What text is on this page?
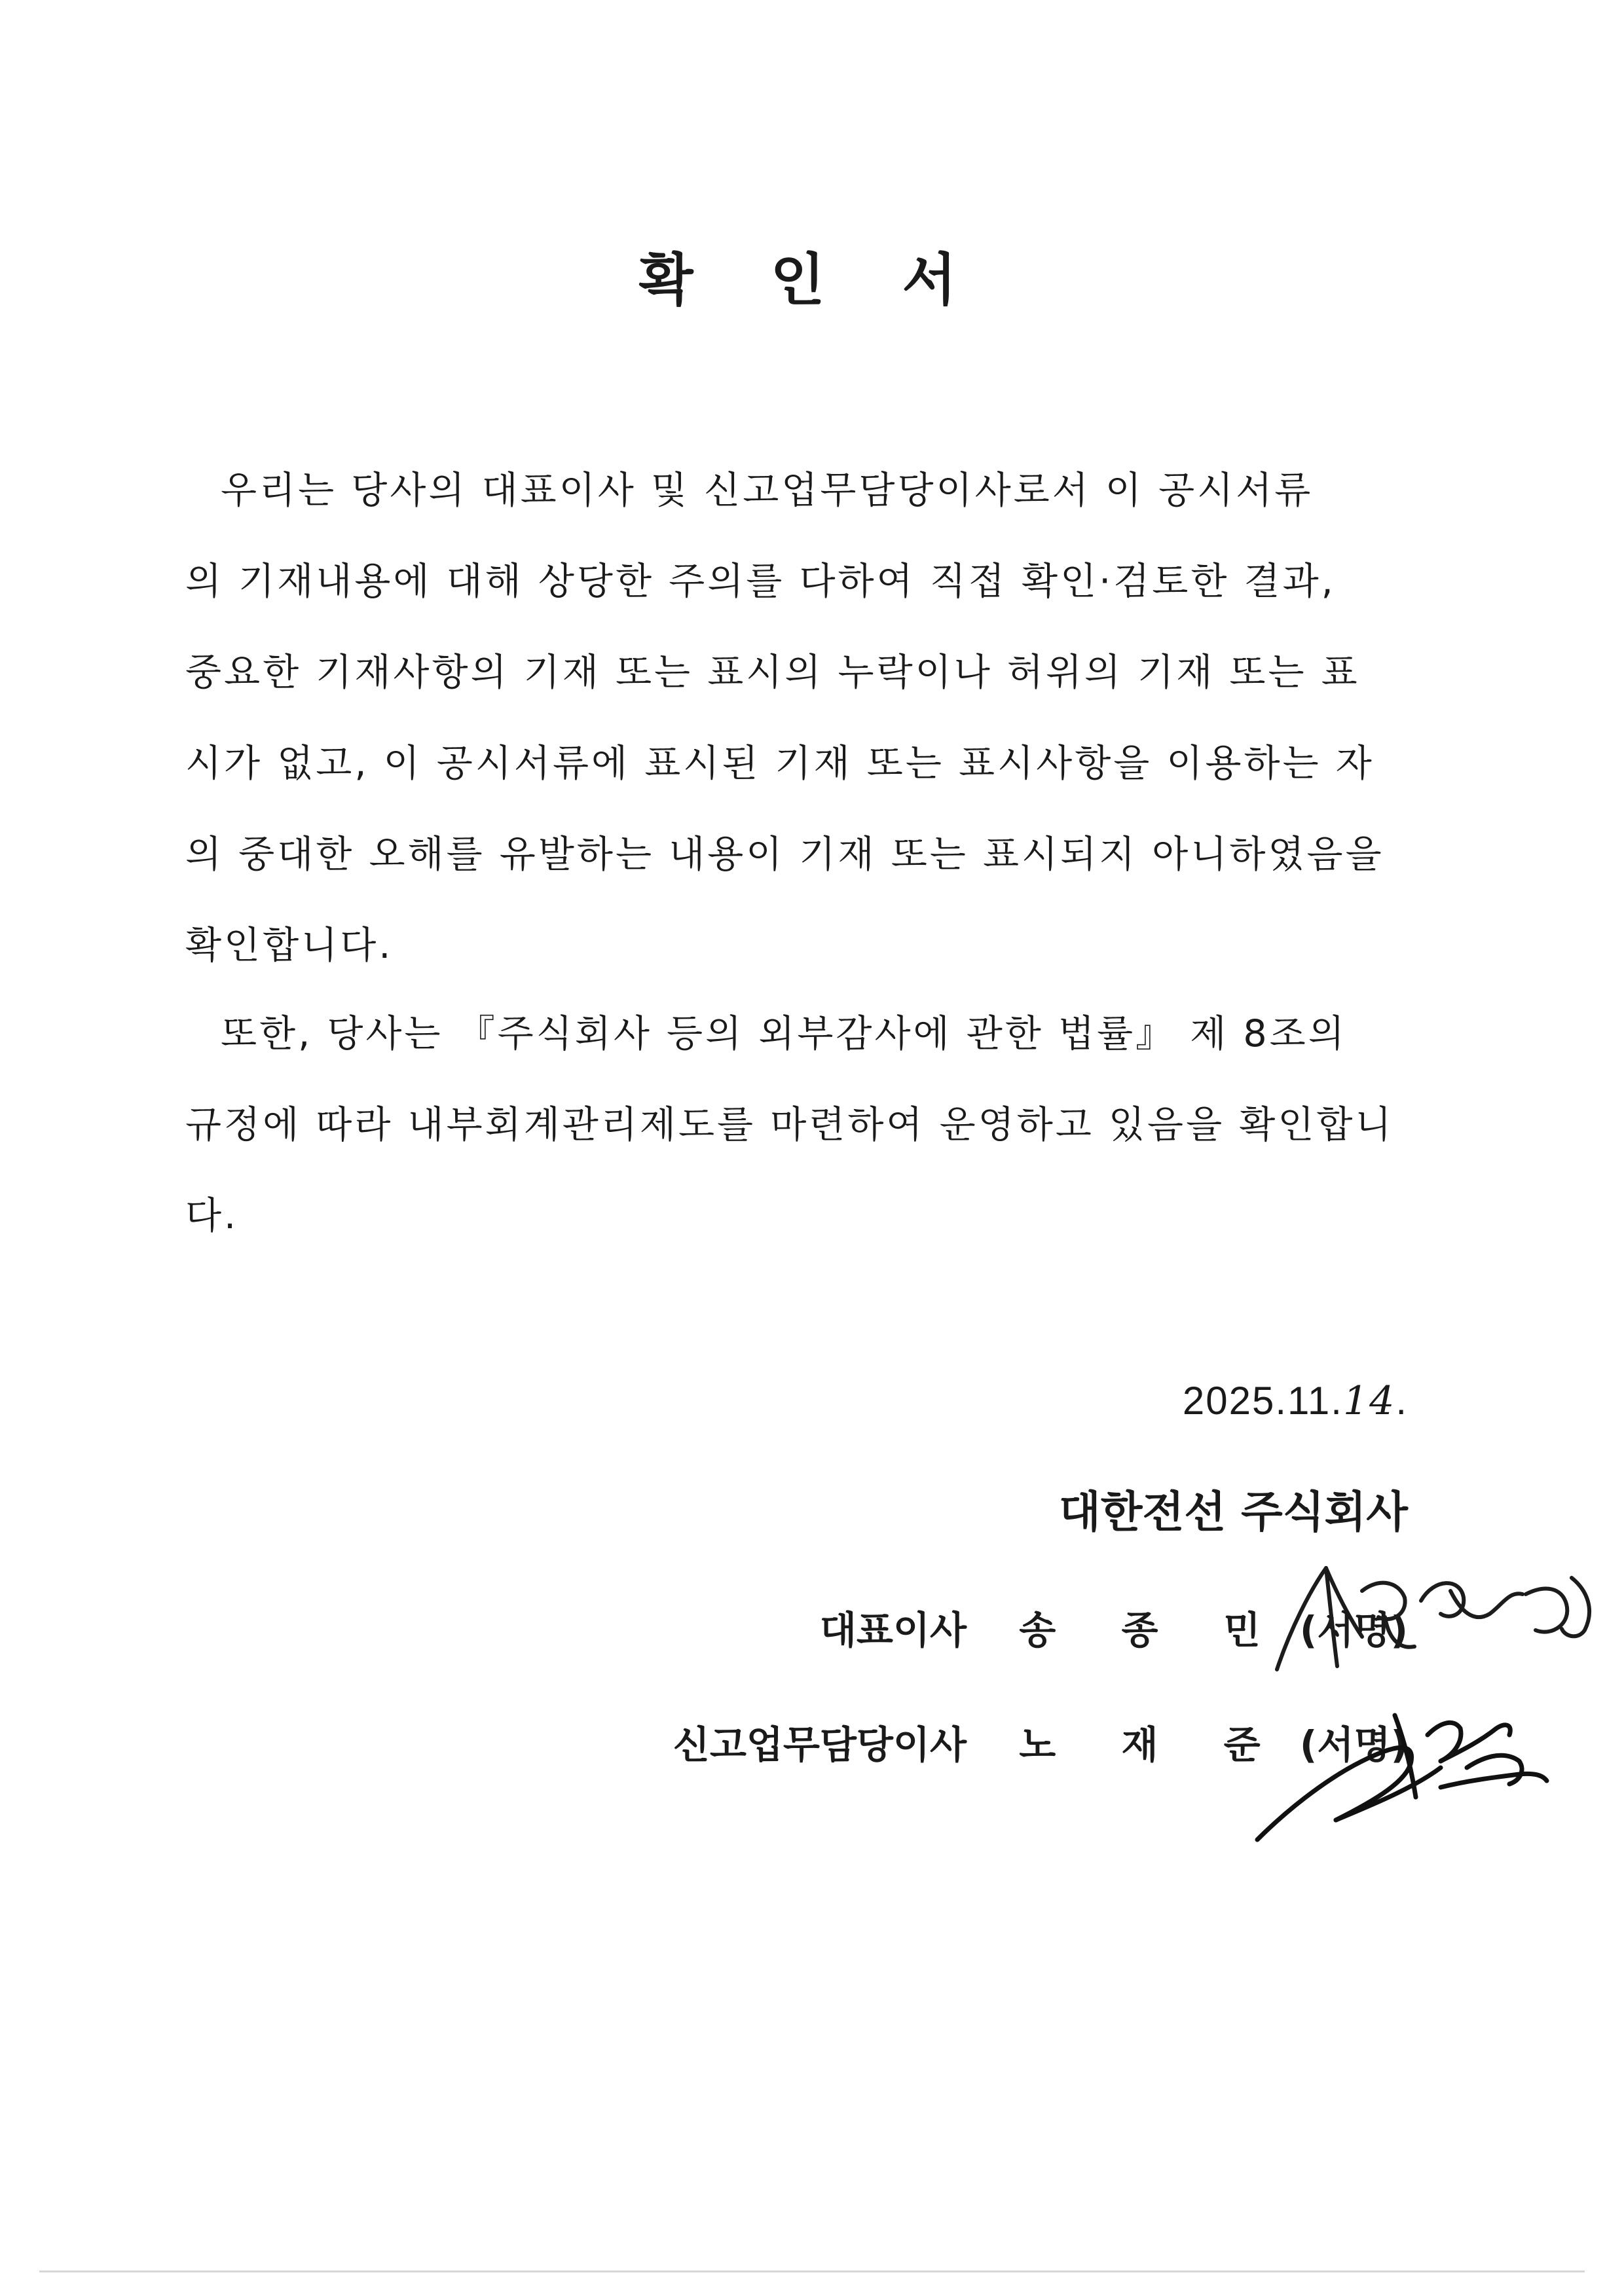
확 인 서
우리는 당사의 대표이사 및 신고업무담당이사로서 이 공시서류
의 기재내용에 대해 상당한 주의를 다하여 직접 확인·검토한 결과,
중요한 기재사항의 기재 또는 표시의 누락이나 허위의 기재 또는 표
시가 없고, 이 공시서류에 표시된 기재 또는 표시사항을 이용하는 자
의 중대한 오해를 유발하는 내용이 기재 또는 표시되지 아니하였음을
확인합니다.
또한, 당사는 『주식회사 등의 외부감사에 관한 법률』 제 8조의
규정에 따라 내부회계관리제도를 마련하여 운영하고 있음을 확인합니
다.
2025.11.14.
대한전선 주식회사
대표이사 송 종 민 (서명)
신고업무담당이사 노 재 준 (서명)
